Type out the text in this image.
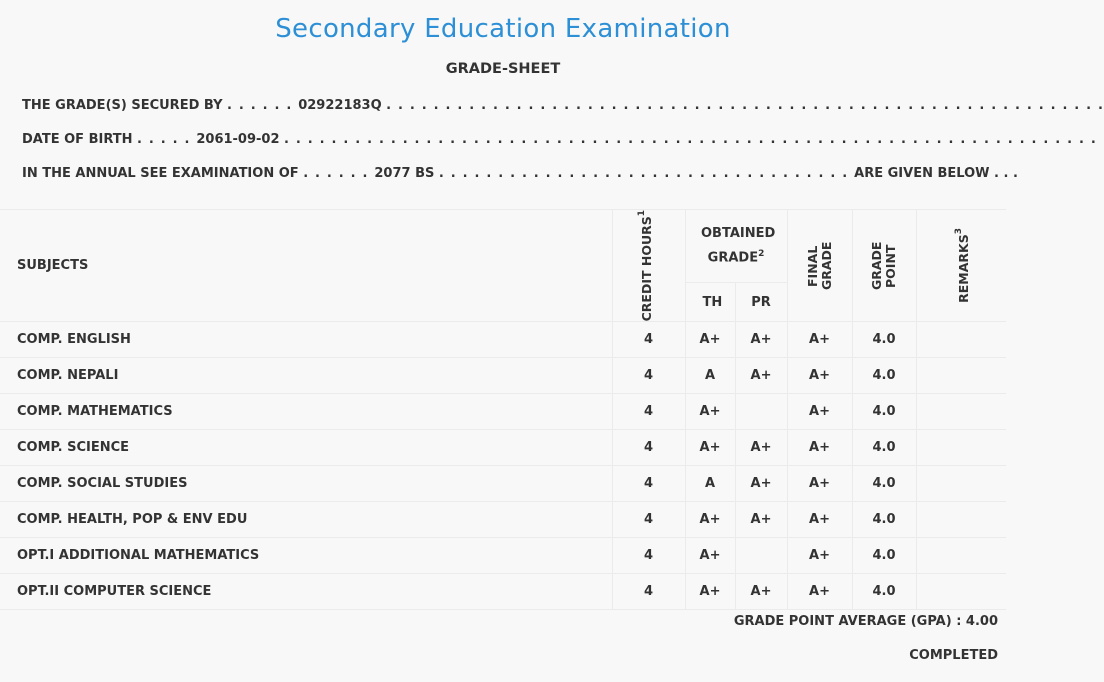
Secondary Education Examination
GRADE-SHEET
THE GRADE(S) SECURED BY . . . . . . 02922183Q . . . . . . . . . . . . . . . . . . . . . . . . . . . . . . . . . . . . . . . . . . . . . . . . . . . . . . . . . . . . .
DATE OF BIRTH . . . . . 2061-09-02 . . . . . . . . . . . . . . . . . . . . . . . . . . . . . . . . . . . . . . . . . . . . . . . . . . . . . . . . . . . . . . . . . . . . .
IN THE ANNUAL SEE EXAMINATION OF . . . . . . 2077 BS . . . . . . . . . . . . . . . . . . . . . . . . . . . . . . . . . . . ARE GIVEN BELOW . . .
SUBJECTS	CREDIT HOURS$^1$	OBTAINED GRADE$^2$		FINAL GRADE	GRADE POINT	REMARKS$^3$

		TH	PR			
COMP. ENGLISH	4	A+	A+	A+	4.0	
COMP. NEPALI	4	A	A+	A+	4.0	
COMP. MATHEMATICS	4	A+		A+	4.0	
COMP. SCIENCE	4	A+	A+	A+	4.0	
COMP. SOCIAL STUDIES	4	A	A+	A+	4.0	
COMP. HEALTH, POP & ENV EDU	4	A+	A+	A+	4.0	
OPT.I ADDITIONAL MATHEMATICS	4	A+		A+	4.0	
OPT.II COMPUTER SCIENCE	4	A+	A+	A+	4.0	
GRADE POINT AVERAGE (GPA) : 4.00
COMPLETED
